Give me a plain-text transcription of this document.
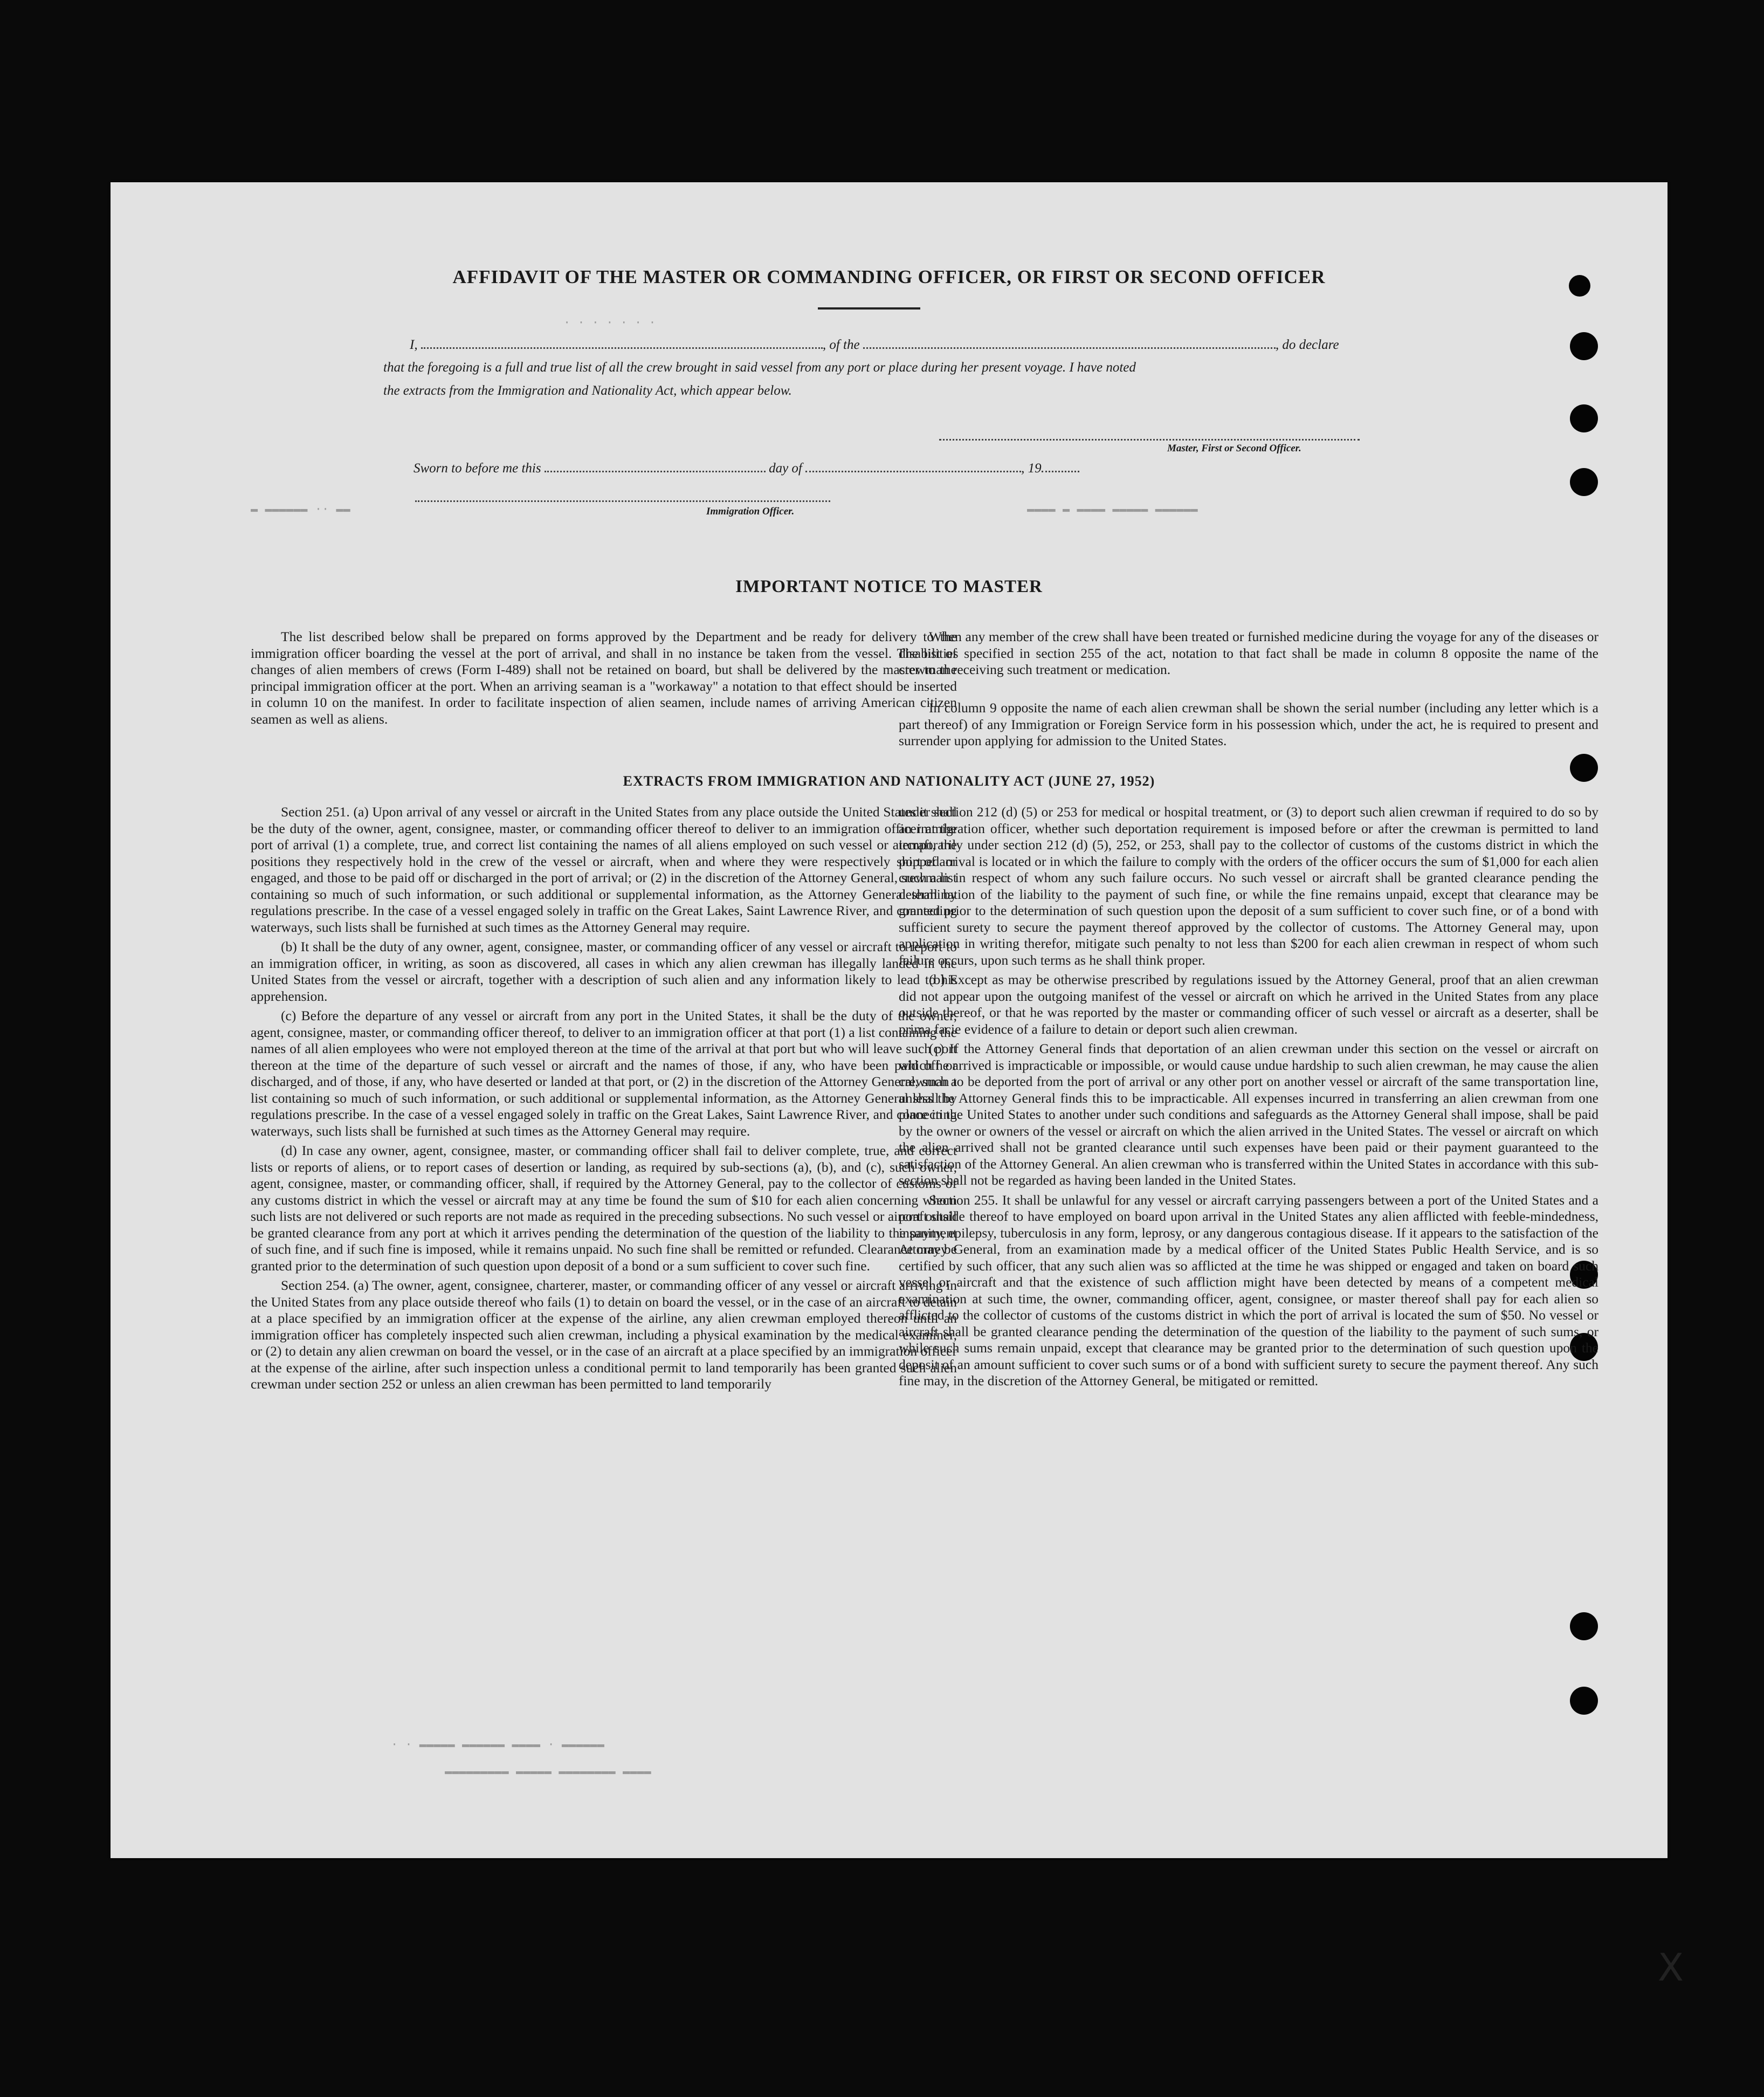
· · · · · · ·
▬ ▬▬▬▬▬▬ ·· ▬▬	▬▬▬▬ ▬ ▬▬▬▬ ▬▬▬▬▬ ▬▬▬▬▬▬
AFFIDAVIT OF THE MASTER OR COMMANDING OFFICER, OR FIRST OR SECOND OFFICER
I,	, of the	, do declare
that the foregoing is a full and true list of all the crew brought in said vessel from any port or place during her present voyage. I have noted
the extracts from the Immigration and Nationality Act, which appear below.
Master, First or Second Officer.
Sworn to before me this	day of	, 19
Immigration Officer.
IMPORTANT NOTICE TO MASTER

The list described below shall be prepared on forms approved by the Department and be ready for delivery to the immigration officer boarding the vessel at the port of arrival, and shall in no instance be taken from the vessel. The list of changes of alien members of crews (Form I-489) shall not be retained on board, but shall be delivered by the master to the principal immigration officer at the port. When an arriving seaman is a "workaway" a notation to that effect should be inserted in column 10 on the manifest. In order to facilitate inspection of alien seamen, include names of arriving American citizen seamen as well as aliens.

When any member of the crew shall have been treated or furnished medicine during the voyage for any of the diseases or disabilities specified in section 255 of the act, notation to that fact shall be made in column 8 opposite the name of the crewman receiving such treatment or medication.

In column 9 opposite the name of each alien crewman shall be shown the serial number (including any letter which is a part thereof) of any Immigration or Foreign Service form in his possession which, under the act, he is required to present and surrender upon applying for admission to the United States.

EXTRACTS FROM IMMIGRATION AND NATIONALITY ACT (JUNE 27, 1952)

Section 251. (a) Upon arrival of any vessel or aircraft in the United States from any place outside the United States it shall be the duty of the owner, agent, consignee, master, or commanding officer thereof to deliver to an immigration officer at the port of arrival (1) a complete, true, and correct list containing the names of all aliens employed on such vessel or aircraft, the positions they respectively hold in the crew of the vessel or aircraft, when and where they were respectively shipped or engaged, and those to be paid off or discharged in the port of arrival; or (2) in the discretion of the Attorney General, such a list containing so much of such information, or such additional or supplemental information, as the Attorney General shall by regulations prescribe. In the case of a vessel engaged solely in traffic on the Great Lakes, Saint Lawrence River, and connecting waterways, such lists shall be furnished at such times as the Attorney General may require.

(b) It shall be the duty of any owner, agent, consignee, master, or commanding officer of any vessel or aircraft to report to an immigration officer, in writing, as soon as discovered, all cases in which any alien crewman has illegally landed in the United States from the vessel or aircraft, together with a description of such alien and any information likely to lead to his apprehension.

(c) Before the departure of any vessel or aircraft from any port in the United States, it shall be the duty of the owner, agent, consignee, master, or commanding officer thereof, to deliver to an immigration officer at that port (1) a list containing the names of all alien employees who were not employed thereon at the time of the arrival at that port but who will leave such port thereon at the time of the departure of such vessel or aircraft and the names of those, if any, who have been paid off or discharged, and of those, if any, who have deserted or landed at that port, or (2) in the discretion of the Attorney General, such a list containing so much of such information, or such additional or supplemental information, as the Attorney General shall by regulations prescribe. In the case of a vessel engaged solely in traffic on the Great Lakes, Saint Lawrence River, and connecting waterways, such lists shall be furnished at such times as the Attorney General may require.

(d) In case any owner, agent, consignee, master, or commanding officer shall fail to deliver complete, true, and correct lists or reports of aliens, or to report cases of desertion or landing, as required by sub-sections (a), (b), and (c), such owner, agent, consignee, master, or commanding officer, shall, if required by the Attorney General, pay to the collector of customs of any customs district in which the vessel or aircraft may at any time be found the sum of $10 for each alien concerning whom such lists are not delivered or such reports are not made as required in the preceding subsections. No such vessel or aircraft shall be granted clearance from any port at which it arrives pending the determination of the question of the liability to the payment of such fine, and if such fine is imposed, while it remains unpaid. No such fine shall be remitted or refunded. Clearance may be granted prior to the determination of such question upon deposit of a bond or a sum sufficient to cover such fine.

Section 254. (a) The owner, agent, consignee, charterer, master, or commanding officer of any vessel or aircraft arriving in the United States from any place outside thereof who fails (1) to detain on board the vessel, or in the case of an aircraft to detain at a place specified by an immigration officer at the expense of the airline, any alien crewman employed thereon until an immigration officer has completely inspected such alien crewman, including a physical examination by the medical examiner, or (2) to detain any alien crewman on board the vessel, or in the case of an aircraft at a place specified by an immigration officer at the expense of the airline, after such inspection unless a conditional permit to land temporarily has been granted such alien crewman under section 252 or unless an alien crewman has been permitted to land temporarily

under section 212 (d) (5) or 253 for medical or hospital treatment, or (3) to deport such alien crewman if required to do so by an immigration officer, whether such deportation requirement is imposed before or after the crewman is permitted to land temporarily under section 212 (d) (5), 252, or 253, shall pay to the collector of customs of the customs district in which the port of arrival is located or in which the failure to comply with the orders of the officer occurs the sum of $1,000 for each alien crewman in respect of whom any such failure occurs. No such vessel or aircraft shall be granted clearance pending the determination of the liability to the payment of such fine, or while the fine remains unpaid, except that clearance may be granted prior to the determination of such question upon the deposit of a sum sufficient to cover such fine, or of a bond with sufficient surety to secure the payment thereof approved by the collector of customs. The Attorney General may, upon application in writing therefor, mitigate such penalty to not less than $200 for each alien crewman in respect of whom such failure occurs, upon such terms as he shall think proper.

(b) Except as may be otherwise prescribed by regulations issued by the Attorney General, proof that an alien crewman did not appear upon the outgoing manifest of the vessel or aircraft on which he arrived in the United States from any place outside thereof, or that he was reported by the master or commanding officer of such vessel or aircraft as a deserter, shall be prima facie evidence of a failure to detain or deport such alien crewman.

(c) If the Attorney General finds that deportation of an alien crewman under this section on the vessel or aircraft on which he arrived is impracticable or impossible, or would cause undue hardship to such alien crewman, he may cause the alien crewman to be deported from the port of arrival or any other port on another vessel or aircraft of the same transportation line, unless the Attorney General finds this to be impracticable. All expenses incurred in transferring an alien crewman from one place in the United States to another under such conditions and safeguards as the Attorney General shall impose, shall be paid by the owner or owners of the vessel or aircraft on which the alien arrived in the United States. The vessel or aircraft on which the alien arrived shall not be granted clearance until such expenses have been paid or their payment guaranteed to the satisfaction of the Attorney General. An alien crewman who is transferred within the United States in accordance with this sub-section shall not be regarded as having been landed in the United States.

Section 255. It shall be unlawful for any vessel or aircraft carrying passengers between a port of the United States and a port outside thereof to have employed on board upon arrival in the United States any alien afflicted with feeble-mindedness, insanity, epilepsy, tuberculosis in any form, leprosy, or any dangerous contagious disease. If it appears to the satisfaction of the Attorney General, from an examination made by a medical officer of the United States Public Health Service, and is so certified by such officer, that any such alien was so afflicted at the time he was shipped or engaged and taken on board such vessel or aircraft and that the existence of such affliction might have been detected by means of a competent medical examination at such time, the owner, commanding officer, agent, consignee, or master thereof shall pay for each alien so afflicted to the collector of customs of the customs district in which the port of arrival is located the sum of $50. No vessel or aircraft shall be granted clearance pending the determination of the question of the liability to the payment of such sums, or while such sums remain unpaid, except that clearance may be granted prior to the determination of such question upon the deposit of an amount sufficient to cover such sums or of a bond with sufficient surety to secure the payment thereof. Any such fine may, in the discretion of the Attorney General, be mitigated or remitted.

· · ▬▬▬▬▬ ▬▬▬▬▬▬ ▬▬▬▬ · ▬▬▬▬▬▬
▬▬▬▬▬▬▬▬▬ ▬▬▬▬▬ ▬▬▬▬▬▬▬▬ ▬▬▬▬
X
